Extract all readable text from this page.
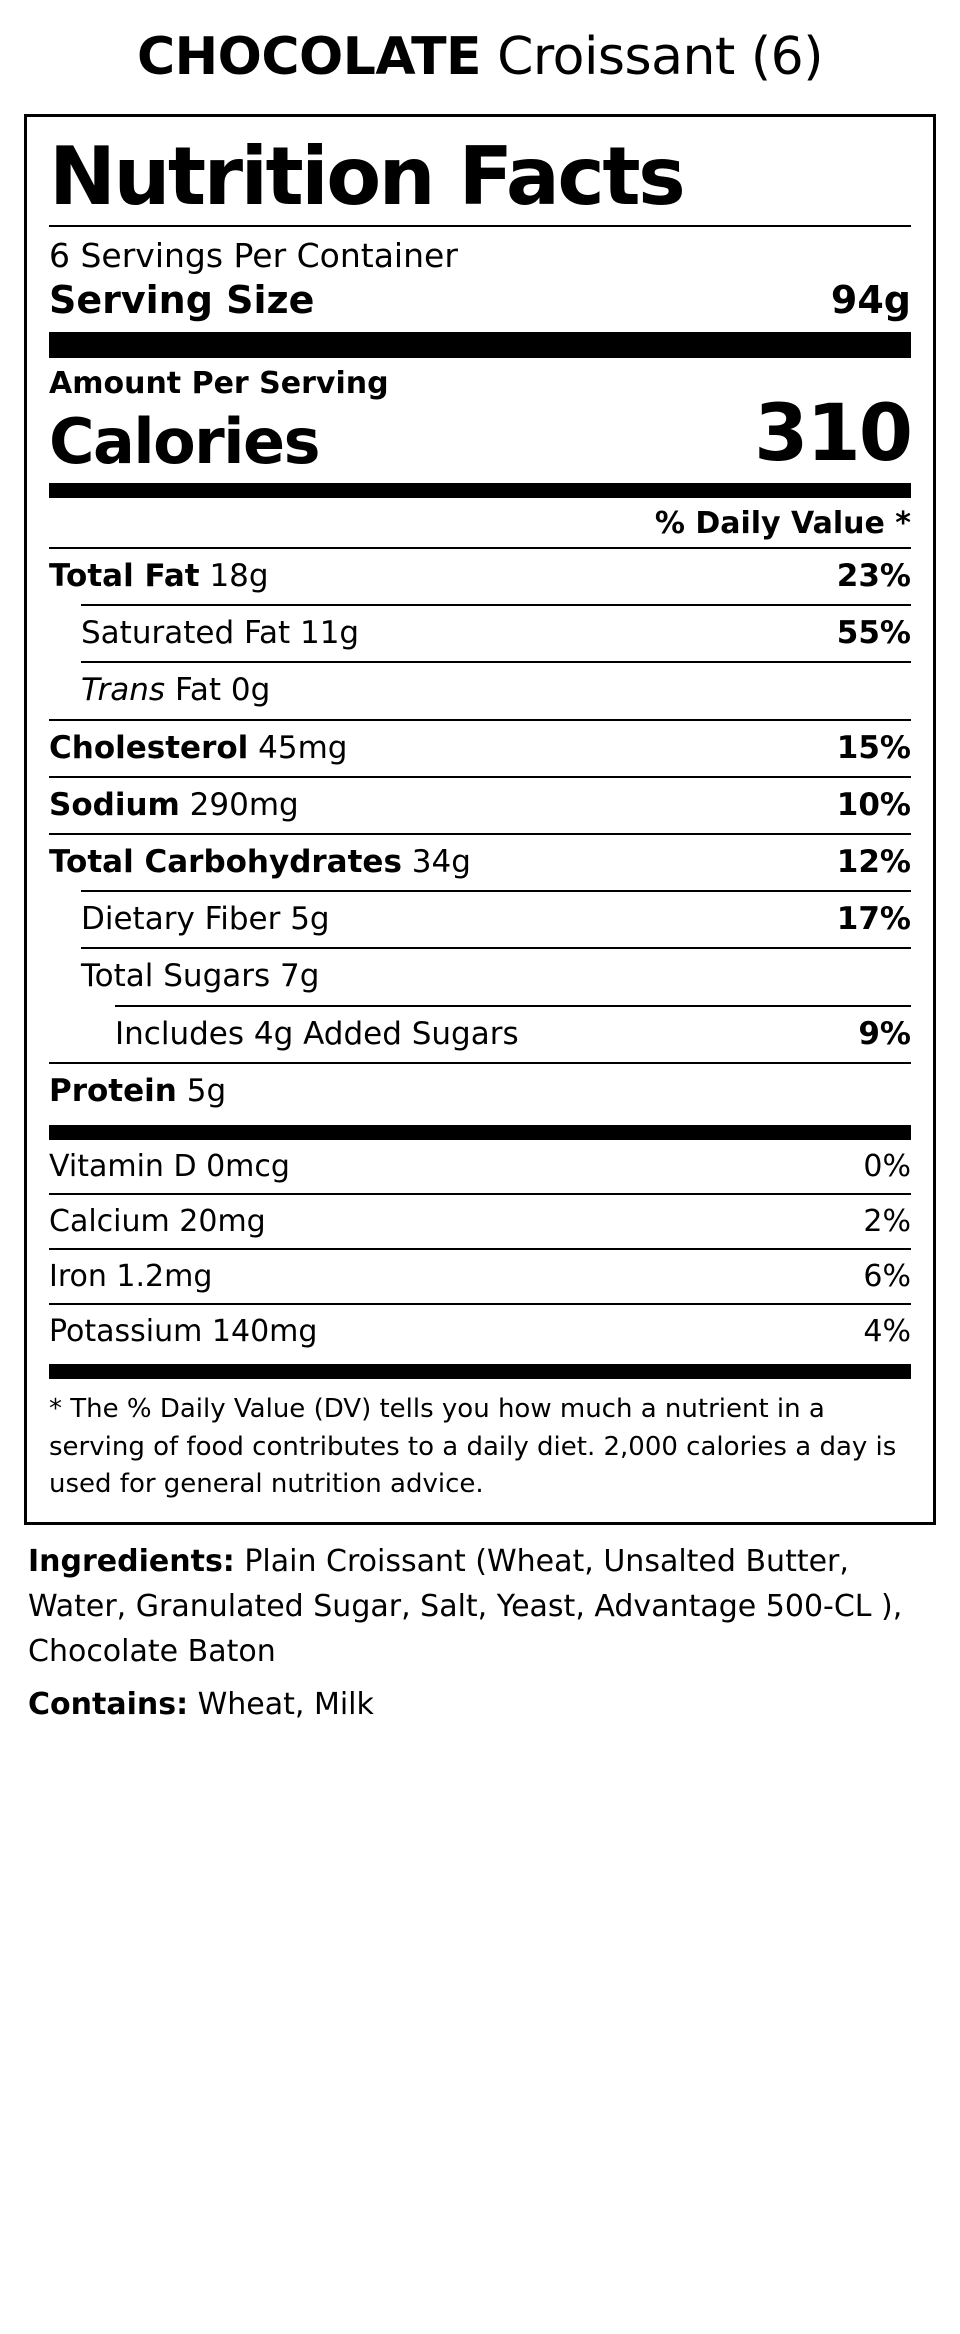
CHOCOLATE Croissant (6)
Nutrition Facts
6 Servings Per Container
Serving Size	94g
Amount Per Serving
Calories	310
% Daily Value *
Total Fat 18g	23%
Saturated Fat 11g	55%
Trans Fat 0g
Cholesterol 45mg	15%
Sodium 290mg	10%
Total Carbohydrates 34g	12%
Dietary Fiber 5g	17%
Total Sugars 7g
Includes 4g Added Sugars	9%
Protein 5g
Vitamin D 0mcg	0%
Calcium 20mg	2%
Iron 1.2mg	6%
Potassium 140mg	4%
* The % Daily Value (DV) tells you how much a nutrient in a serving of food contributes to a daily diet. 2,000 calories a day is used for general nutrition advice.
Ingredients: Plain Croissant (Wheat, Unsalted Butter, Water, Granulated Sugar, Salt, Yeast, Advantage 500-CL ), Chocolate Baton
Contains: Wheat, Milk
